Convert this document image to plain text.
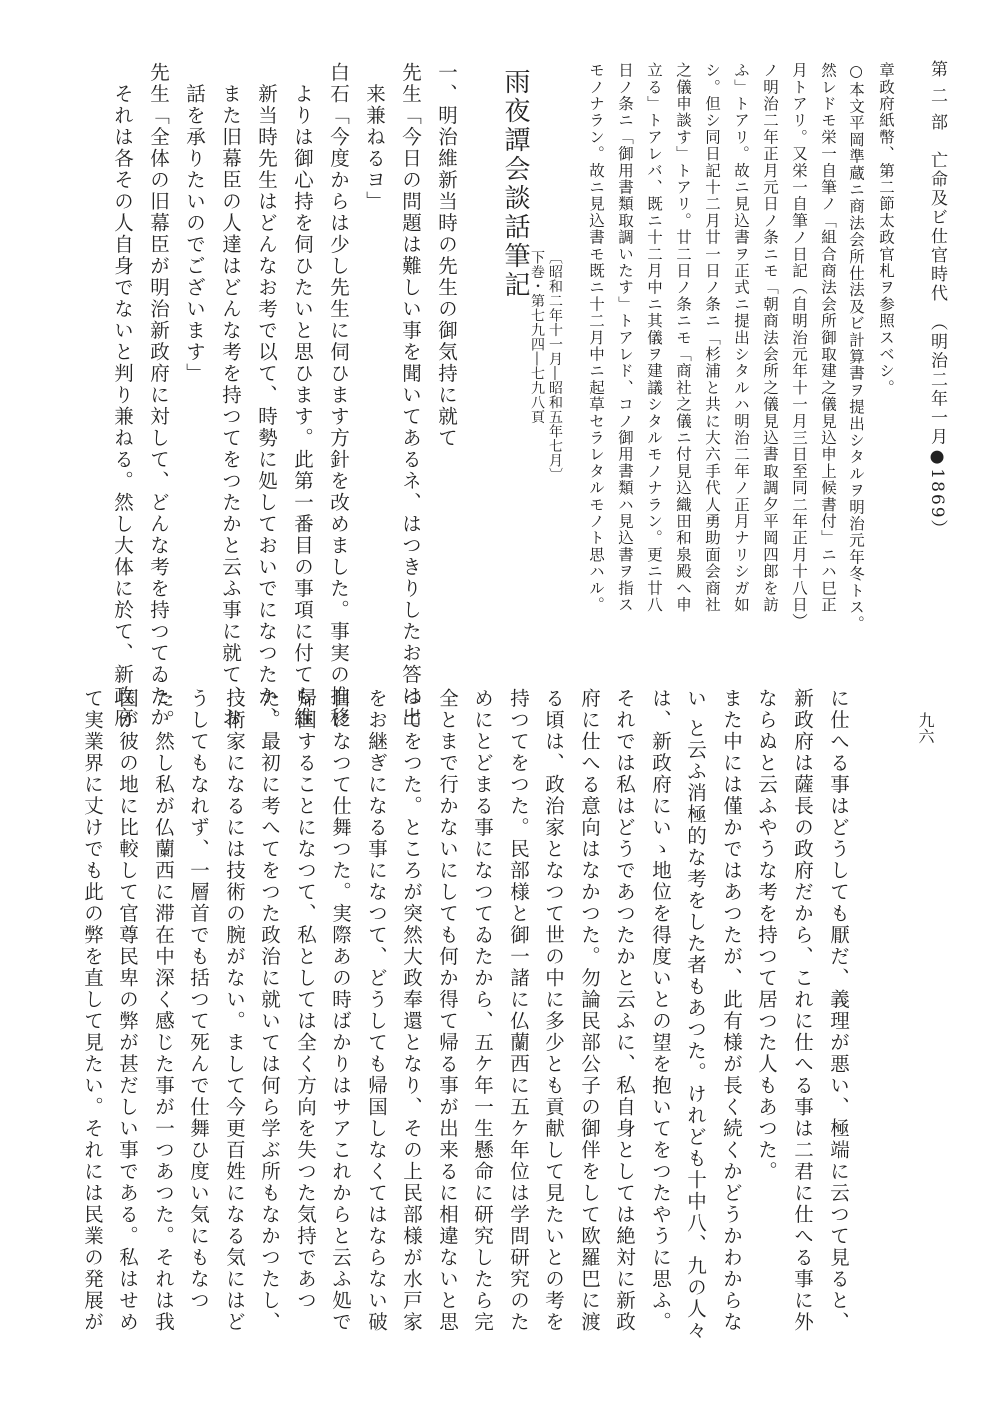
第 二 部　亡命及ビ仕官時代　（明治二年一月●1869）
九六
章政府紙幣、第二節太政官札ヲ参照スベシ。
○本文平岡準蔵ニ商法会所仕法及ビ計算書ヲ提出シタルヲ明治元年冬トス。
然レドモ栄一自筆ノ「組合商法会所御取建之儀見込申上候書付」ニハ巳正
月トアリ。又栄一自筆ノ日記（自明治元年十一月三日至同二年正月十八日）
ノ明治二年正月元日ノ条ニモ「朝商法会所之儀見込書取調夕平岡四郎を訪
ふ」トアリ。故ニ見込書ヲ正式ニ提出シタルハ明治二年ノ正月ナリシガ如
シ。但シ同日記十二月廿一日ノ条ニ「杉浦と共に大六手代人勇助面会商社
之儀申談す」トアリ。廿二日ノ条ニモ「商社之儀ニ付見込織田和泉殿へ申
立る」トアレバ、既ニ十二月中ニ其儀ヲ建議シタルモノナラン。更ニ廿八
日ノ条ニ「御用書類取調いたす」トアレド、コノ御用書類ハ見込書ヲ指ス
モノナラン。故ニ見込書モ既ニ十二月中ニ起草セラレタルモノト思ハル。
雨夜譚会談話筆記
下巻・第七九四―七九八頁 〔昭和二年十一月―昭和五年七月〕
一、明治維新当時の先生の御気持に就て
先生「今日の問題は難しい事を聞いてあるネ、はつきりしたお答は出
　来兼ねるヨ」
白石「今度からは少し先生に伺ひます方針を改めました。事実の推移
　よりは御心持を伺ひたいと思ひます。此第一番目の事項に付ても維
　新当時先生はどんなお考で以て、時勢に処しておいでになつたか、
　また旧幕臣の人達はどんな考を持つてをつたかと云ふ事に就て、お
　話を承りたいのでございます」
先生「全体の旧幕臣が明治新政府に対して、どんな考を持つてゐたか
　それは各その人自身でないと判り兼ねる。然し大体に於て、新政府
に仕へる事はどうしても厭だ、義理が悪い、極端に云つて見ると、
新政府は薩長の政府だから、これに仕へる事は二君に仕へる事に外
ならぬと云ふやうな考を持つて居つた人もあつた。
また中には僅かではあつたが、此有様が長く続くかどうかわからな
い と云ふ消極的な考をした者もあつた。けれども十中八、九の人々
は、新政府にいゝ地位を得度いとの望を抱いてをつたやうに思ふ。
それでは私はどうであつたかと云ふに、私自身としては絶対に新政
府に仕へる意向はなかつた。勿論民部公子の御伴をして欧羅巴に渡
る頃は、政治家となつて世の中に多少とも貢献して見たいとの考を
持つてをつた。民部様と御一諸に仏蘭西に五ケ年位は学問研究のた
めにとどまる事になつてゐたから、五ケ年一生懸命に研究したら完
全とまで行かないにしても何か得て帰る事が出来るに相違ないと思
つてをつた。ところが突然大政奉還となり、その上民部様が水戸家
をお継ぎになる事になつて、どうしても帰国しなくてはならない破
目になつて仕舞つた。実際あの時ばかりはサアこれからと云ふ処で
帰国することになつて、私としては全く方向を失つた気持であつ
た。最初に考へてをつた政治に就いては何ら学ぶ所もなかつたし、
技術家になるには技術の腕がない。まして今更百姓になる気にはど
うしてもなれず、一層首でも括つて死んで仕舞ひ度い気にもなつ
た。然し私が仏蘭西に滞在中深く感じた事が一つあつた。それは我
国が彼の地に比較して官尊民卑の弊が甚だしい事である。私はせめ
て実業界に丈けでも此の弊を直して見たい。それには民業の発展が
